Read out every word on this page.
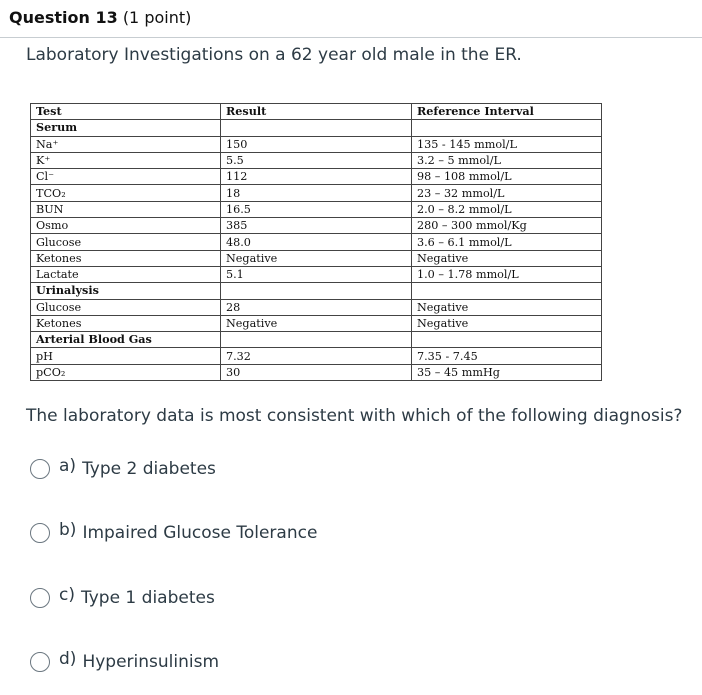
Question 13 (1 point)
Laboratory Investigations on a 62 year old male in the ER.
Test	Result	Reference Interval
Serum		
Na⁺	150	135 - 145 mmol/L
K⁺	5.5	3.2 – 5 mmol/L
Cl⁻	112	98 – 108 mmol/L
TCO₂	18	23 – 32 mmol/L
BUN	16.5	2.0 – 8.2 mmol/L
Osmo	385	280 – 300 mmol/Kg
Glucose	48.0	3.6 – 6.1 mmol/L
Ketones	Negative	Negative
Lactate	5.1	1.0 – 1.78 mmol/L
Urinalysis		
Glucose	28	Negative
Ketones	Negative	Negative
Arterial Blood Gas		
pH	7.32	7.35 - 7.45
pCO₂	30	35 – 45 mmHg
The laboratory data is most consistent with which of the following diagnosis?
a) Type 2 diabetes
b) Impaired Glucose Tolerance
c) Type 1 diabetes
d) Hyperinsulinism
